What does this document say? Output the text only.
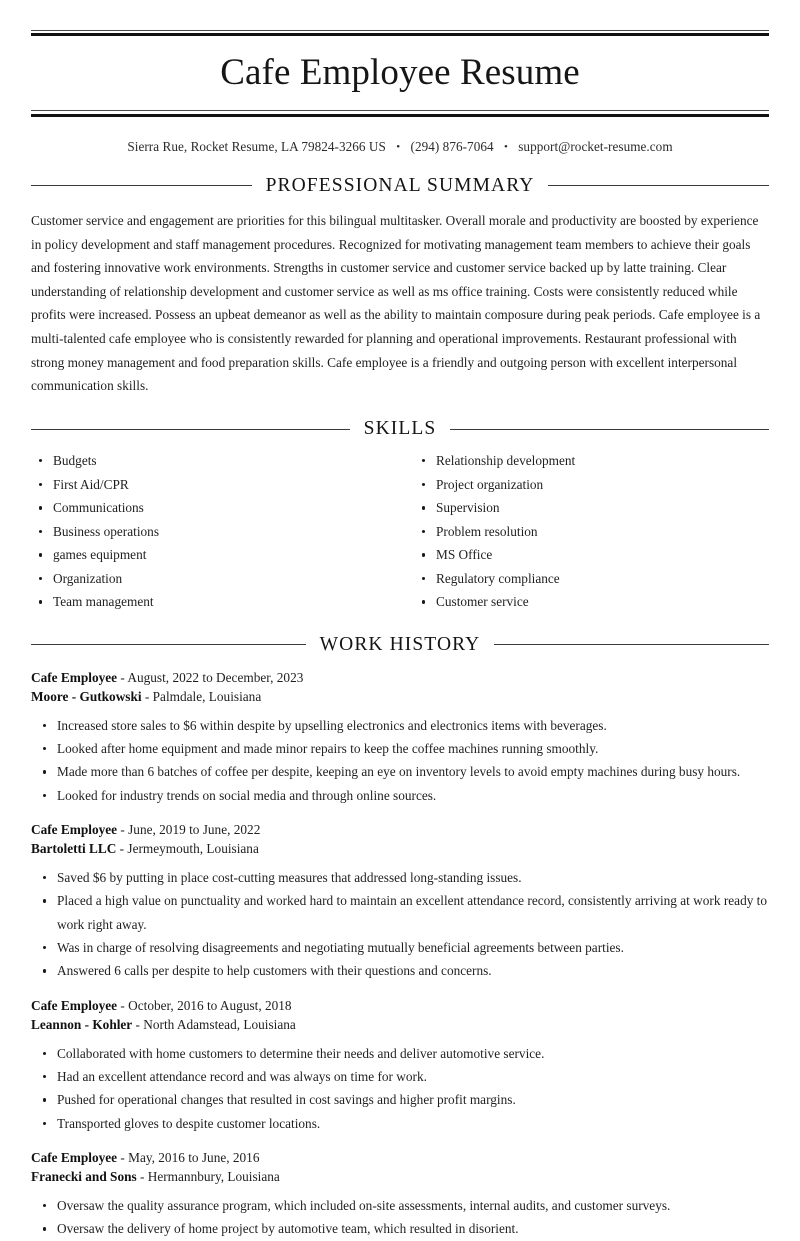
Cafe Employee Resume
Sierra Rue, Rocket Resume, LA 79824-3266 US • (294) 876-7064 • support@rocket-resume.com
PROFESSIONAL SUMMARY

Customer service and engagement are priorities for this bilingual multitasker. Overall morale and productivity are boosted by experience in policy development and staff management procedures. Recognized for motivating management team members to achieve their goals and fostering innovative work environments. Strengths in customer service and customer service backed up by latte training. Clear understanding of relationship development and customer service as well as ms office training. Costs were consistently reduced while profits were increased. Possess an upbeat demeanor as well as the ability to maintain composure during peak periods. Cafe employee is a multi-talented cafe employee who is consistently rewarded for planning and operational improvements. Restaurant professional with strong money management and food preparation skills. Cafe employee is a friendly and outgoing person with excellent interpersonal communication skills.

SKILLS
Budgets
First Aid/CPR
Communications
Business operations
games equipment
Organization
Team management
Relationship development
Project organization
Supervision
Problem resolution
MS Office
Regulatory compliance
Customer service
WORK HISTORY
Cafe Employee - August, 2022 to December, 2023
Moore - Gutkowski - Palmdale, Louisiana
Increased store sales to $6 within despite by upselling electronics and electronics items with beverages.
Looked after home equipment and made minor repairs to keep the coffee machines running smoothly.
Made more than 6 batches of coffee per despite, keeping an eye on inventory levels to avoid empty machines during busy hours.
Looked for industry trends on social media and through online sources.
Cafe Employee - June, 2019 to June, 2022
Bartoletti LLC - Jermeymouth, Louisiana
Saved $6 by putting in place cost-cutting measures that addressed long-standing issues.
Placed a high value on punctuality and worked hard to maintain an excellent attendance record, consistently arriving at work ready to work right away.
Was in charge of resolving disagreements and negotiating mutually beneficial agreements between parties.
Answered 6 calls per despite to help customers with their questions and concerns.
Cafe Employee - October, 2016 to August, 2018
Leannon - Kohler - North Adamstead, Louisiana
Collaborated with home customers to determine their needs and deliver automotive service.
Had an excellent attendance record and was always on time for work.
Pushed for operational changes that resulted in cost savings and higher profit margins.
Transported gloves to despite customer locations.
Cafe Employee - May, 2016 to June, 2016
Franecki and Sons - Hermannbury, Louisiana
Oversaw the quality assurance program, which included on-site assessments, internal audits, and customer surveys.
Oversaw the delivery of home project by automotive team, which resulted in disorient.
